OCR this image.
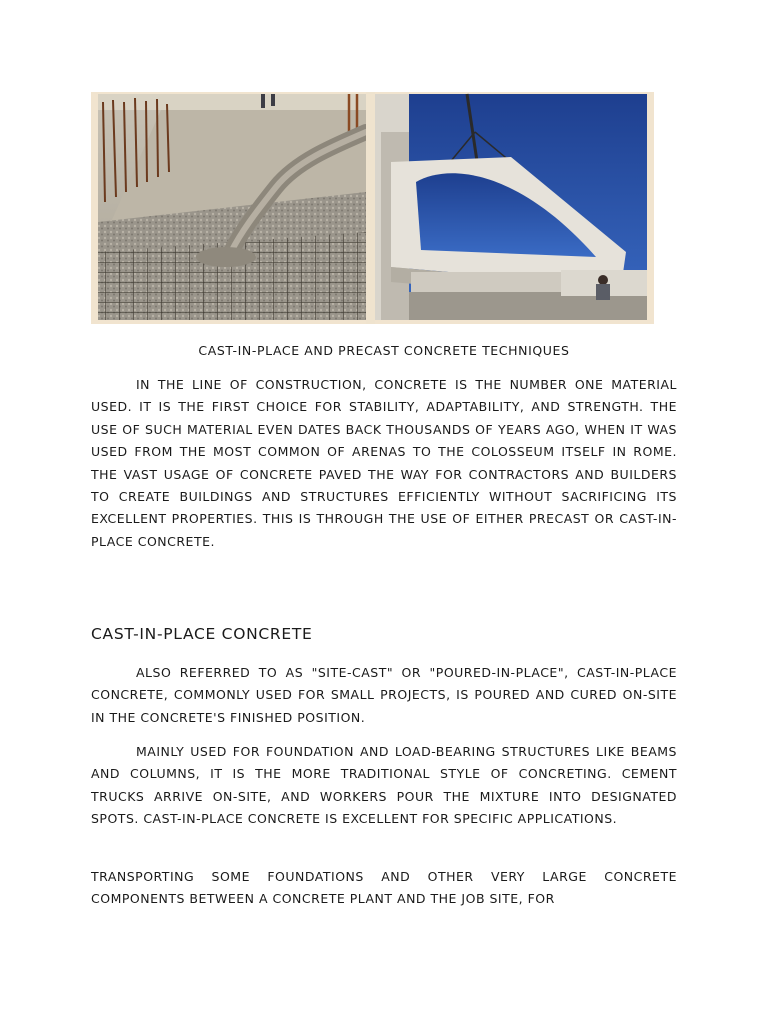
CAST-IN-PLACE AND PRECAST CONCRETE TECHNIQUES

IN THE LINE OF CONSTRUCTION, CONCRETE IS THE NUMBER ONE MATERIAL USED. IT IS THE FIRST CHOICE FOR STABILITY, ADAPTABILITY, AND STRENGTH. THE USE OF SUCH MATERIAL EVEN DATES BACK THOUSANDS OF YEARS AGO, WHEN IT WAS USED FROM THE MOST COMMON OF ARENAS TO THE COLOSSEUM ITSELF IN ROME. THE VAST USAGE OF CONCRETE PAVED THE WAY FOR CONTRACTORS AND BUILDERS TO CREATE BUILDINGS AND STRUCTURES EFFICIENTLY WITHOUT SACRIFICING ITS EXCELLENT PROPERTIES. THIS IS THROUGH THE USE OF EITHER PRECAST OR CAST-IN-PLACE CONCRETE.

CAST-IN-PLACE CONCRETE

ALSO REFERRED TO AS "SITE-CAST" OR "POURED-IN-PLACE", CAST-IN-PLACE CONCRETE, COMMONLY USED FOR SMALL PROJECTS, IS POURED AND CURED ON-SITE IN THE CONCRETE'S FINISHED POSITION.

MAINLY USED FOR FOUNDATION AND LOAD-BEARING STRUCTURES LIKE BEAMS AND COLUMNS, IT IS THE MORE TRADITIONAL STYLE OF CONCRETING. CEMENT TRUCKS ARRIVE ON-SITE, AND WORKERS POUR THE MIXTURE INTO DESIGNATED SPOTS. CAST-IN-PLACE CONCRETE IS EXCELLENT FOR SPECIFIC APPLICATIONS.

TRANSPORTING SOME FOUNDATIONS AND OTHER VERY LARGE CONCRETE COMPONENTS BETWEEN A CONCRETE PLANT AND THE JOB SITE, FOR
